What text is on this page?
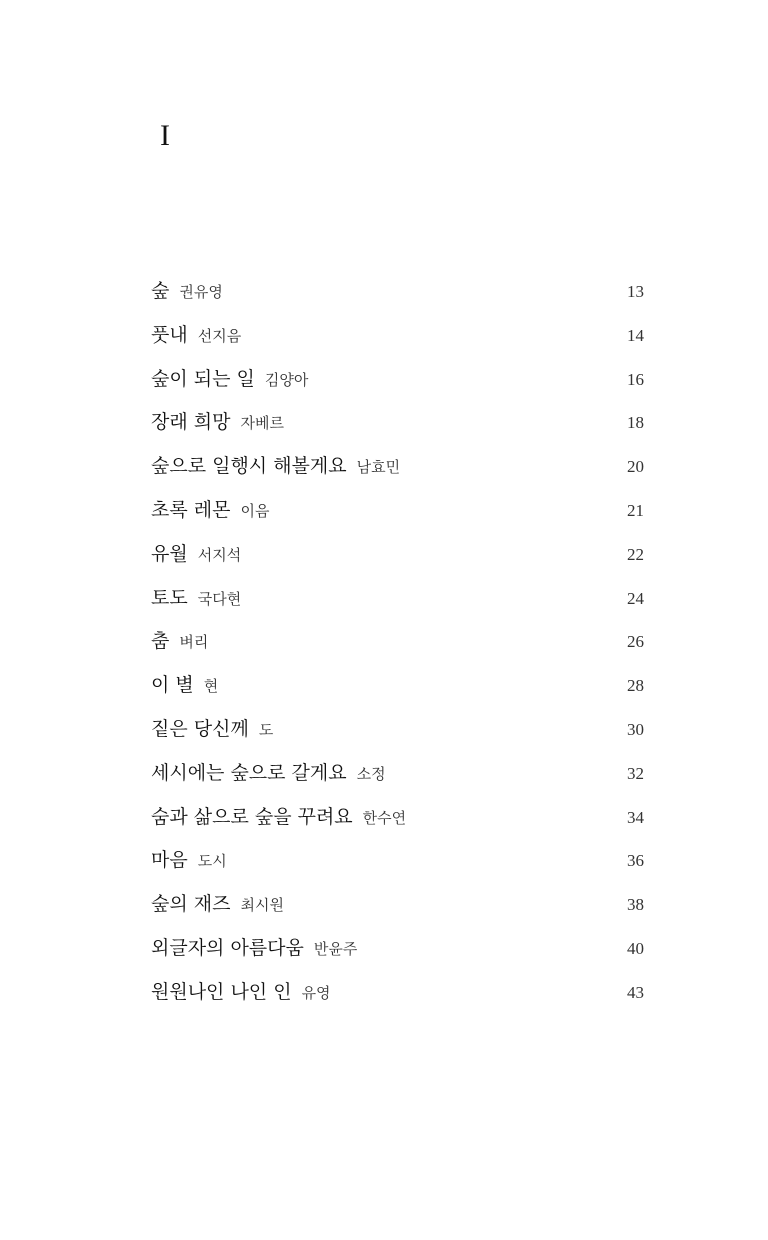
I
숲 권유영	13
풋내 선지음	14
숲이 되는 일 김양아	16
장래 희망 자베르	18
숲으로 일행시 해볼게요 남효민	20
초록 레몬 이음	21
유월 서지석	22
토도 국다현	24
춤 벼리	26
이 별 현	28
짙은 당신께 도	30
세시에는 숲으로 갈게요 소정	32
숨과 삶으로 숲을 꾸려요 한수연	34
마음 도시	36
숲의 재즈 최시원	38
외글자의 아름다움 반윤주	40
원원나인 나인 인 유영	43
